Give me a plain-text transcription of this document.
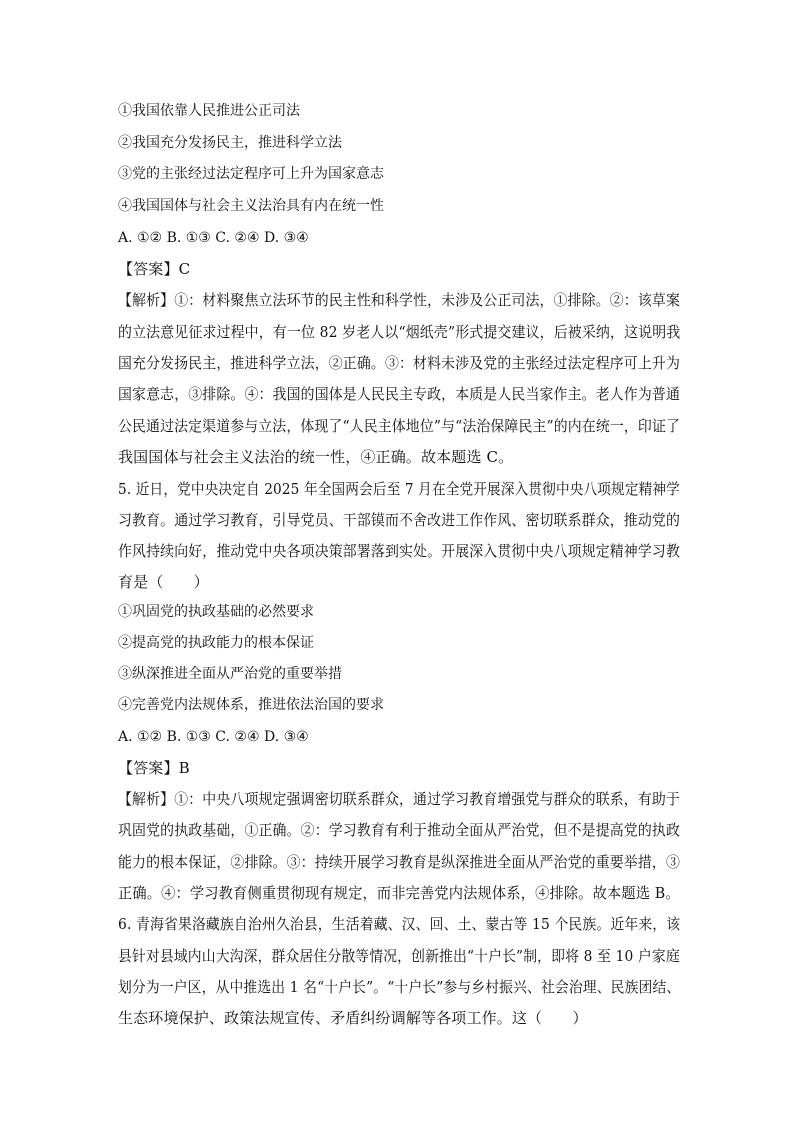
①我国依靠人民推进公正司法
②我国充分发扬民主，推进科学立法
③党的主张经过法定程序可上升为国家意志
④我国国体与社会主义法治具有内在统一性
A. ①② B. ①③ C. ②④ D. ③④
【答案】C
【解析】①：材料聚焦立法环节的民主性和科学性，未涉及公正司法，①排除。②：该草案
的立法意见征求过程中，有一位 82 岁老人以“烟纸壳”形式提交建议，后被采纳，这说明我
国充分发扬民主，推进科学立法，②正确。③：材料未涉及党的主张经过法定程序可上升为
国家意志，③排除。④：我国的国体是人民民主专政，本质是人民当家作主。老人作为普通
公民通过法定渠道参与立法，体现了“人民主体地位”与“法治保障民主”的内在统一，印证了
我国国体与社会主义法治的统一性，④正确。故本题选 C。
5. 近日，党中央决定自 2025 年全国两会后至 7 月在全党开展深入贯彻中央八项规定精神学
习教育。通过学习教育，引导党员、干部镆而不舍改进工作作风、密切联系群众，推动党的
作风持续向好，推动党中央各项决策部署落到实处。开展深入贯彻中央八项规定精神学习教
育是（　　）
①巩固党的执政基础的必然要求
②提高党的执政能力的根本保证
③纵深推进全面从严治党的重要举措
④完善党内法规体系，推进依法治国的要求
A. ①② B. ①③ C. ②④ D. ③④
【答案】B
【解析】①：中央八项规定强调密切联系群众，通过学习教育增强党与群众的联系，有助于
巩固党的执政基础，①正确。②：学习教育有利于推动全面从严治党，但不是提高党的执政
能力的根本保证，②排除。③：持续开展学习教育是纵深推进全面从严治党的重要举措，③
正确。④：学习教育侧重贯彻现有规定，而非完善党内法规体系，④排除。故本题选 B。
6. 青海省果洛藏族自治州久治县，生活着藏、汉、回、土、蒙古等 15 个民族。近年来，该
县针对县域内山大沟深，群众居住分散等情况，创新推出“十户长”制，即将 8 至 10 户家庭
划分为一户区，从中推选出 1 名“十户长”。“十户长”参与乡村振兴、社会治理、民族团结、
生态环境保护、政策法规宣传、矛盾纠纷调解等各项工作。这（　　）
